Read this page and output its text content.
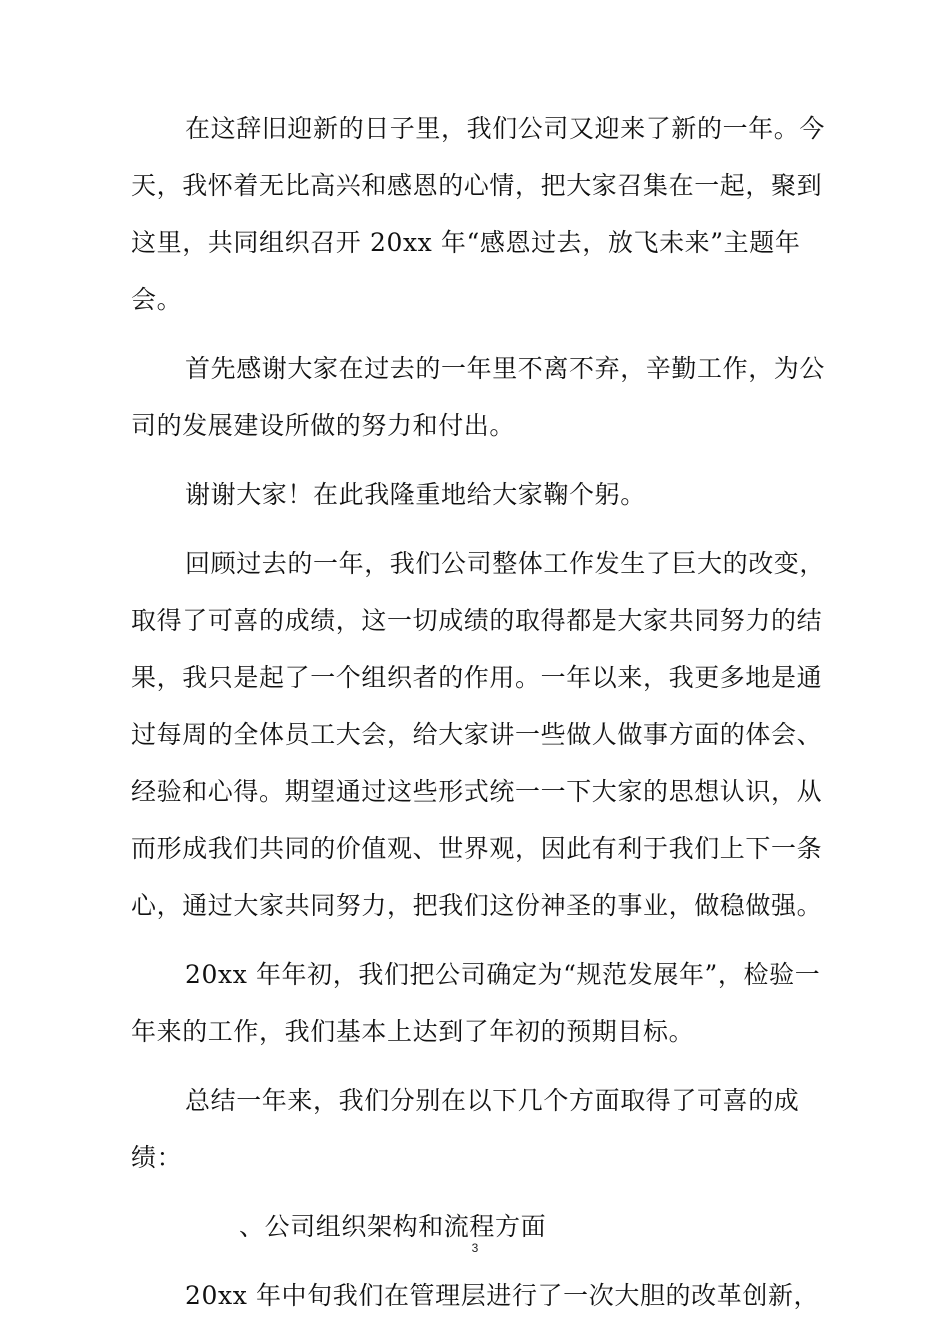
在这辞旧迎新的日子里，我们公司又迎来了新的一年。今天，我怀着无比高兴和感恩的心情，把大家召集在一起，聚到这里，共同组织召开 20xx 年“感恩过去，放飞未来”主题年会。

首先感谢大家在过去的一年里不离不弃，辛勤工作，为公司的发展建设所做的努力和付出。

谢谢大家！在此我隆重地给大家鞠个躬。

回顾过去的一年，我们公司整体工作发生了巨大的改变，取得了可喜的成绩，这一切成绩的取得都是大家共同努力的结果，我只是起了一个组织者的作用。一年以来，我更多地是通过每周的全体员工大会，给大家讲一些做人做事方面的体会、经验和心得。期望通过这些形式统一一下大家的思想认识，从而形成我们共同的价值观、世界观，因此有利于我们上下一条心，通过大家共同努力，把我们这份神圣的事业，做稳做强。

20xx 年年初，我们把公司确定为“规范发展年”，检验一年来的工作，我们基本上达到了年初的预期目标。

总结一年来，我们分别在以下几个方面取得了可喜的成绩：

、公司组织架构和流程方面

20xx 年中旬我们在管理层进行了一次大胆的改革创新，

3
